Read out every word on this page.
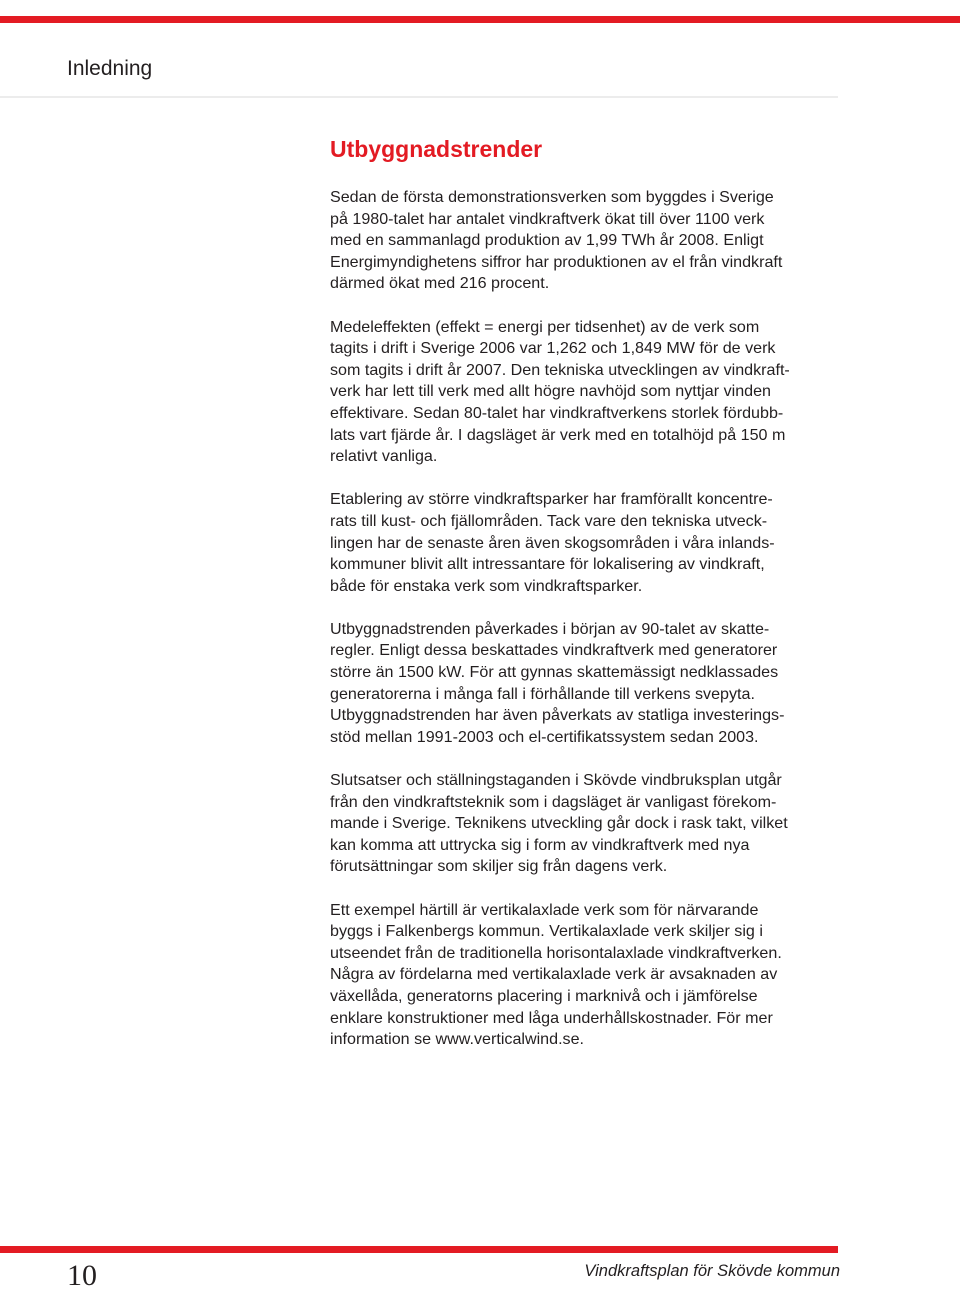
Inledning
Utbyggnadstrender

Sedan de första demonstrationsverken som byggdes i Sverige
på 1980-talet har antalet vindkraftverk ökat till över 1100 verk
med en sammanlagd produktion av 1,99 TWh år 2008. Enligt
Energimyndighetens siffror har produktionen av el från vindkraft
därmed ökat med 216 procent.

Medeleffekten (effekt = energi per tidsenhet) av de verk som
tagits i drift i Sverige 2006 var 1,262 och 1,849 MW för de verk
som tagits i drift år 2007. Den tekniska utvecklingen av vindkraft-
verk har lett till verk med allt högre navhöjd som nyttjar vinden
effektivare. Sedan 80-talet har vindkraftverkens storlek fördubb-
lats vart fjärde år. I dagsläget är verk med en totalhöjd på 150 m
relativt vanliga.

Etablering av större vindkraftsparker har framförallt koncentre-
rats till kust- och fjällområden. Tack vare den tekniska utveck-
lingen har de senaste åren även skogsområden i våra inlands-
kommuner blivit allt intressantare för lokalisering av vindkraft,
både för enstaka verk som vindkraftsparker.

Utbyggnadstrenden påverkades i början av 90-talet av skatte-
regler. Enligt dessa beskattades vindkraftverk med generatorer
större än 1500 kW. För att gynnas skattemässigt nedklassades
generatorerna i många fall i förhållande till verkens svepyta.
Utbyggnadstrenden har även påverkats av statliga investerings-
stöd mellan 1991-2003 och el-certifikatssystem sedan 2003.

Slutsatser och ställningstaganden i Skövde vindbruksplan utgår
från den vindkraftsteknik som i dagsläget är vanligast förekom-
mande i Sverige. Teknikens utveckling går dock i rask takt, vilket
kan komma att uttrycka sig i form av vindkraftverk med nya
förutsättningar som skiljer sig från dagens verk.

Ett exempel härtill är vertikalaxlade verk som för närvarande
byggs i Falkenbergs kommun. Vertikalaxlade verk skiljer sig i
utseendet från de traditionella horisontalaxlade vindkraftverken.
Några av fördelarna med vertikalaxlade verk är avsaknaden av
växellåda, generatorns placering i marknivå och i jämförelse
enklare konstruktioner med låga underhållskostnader. För mer
information se www.verticalwind.se.

10	Vindkraftsplan för Skövde kommun
